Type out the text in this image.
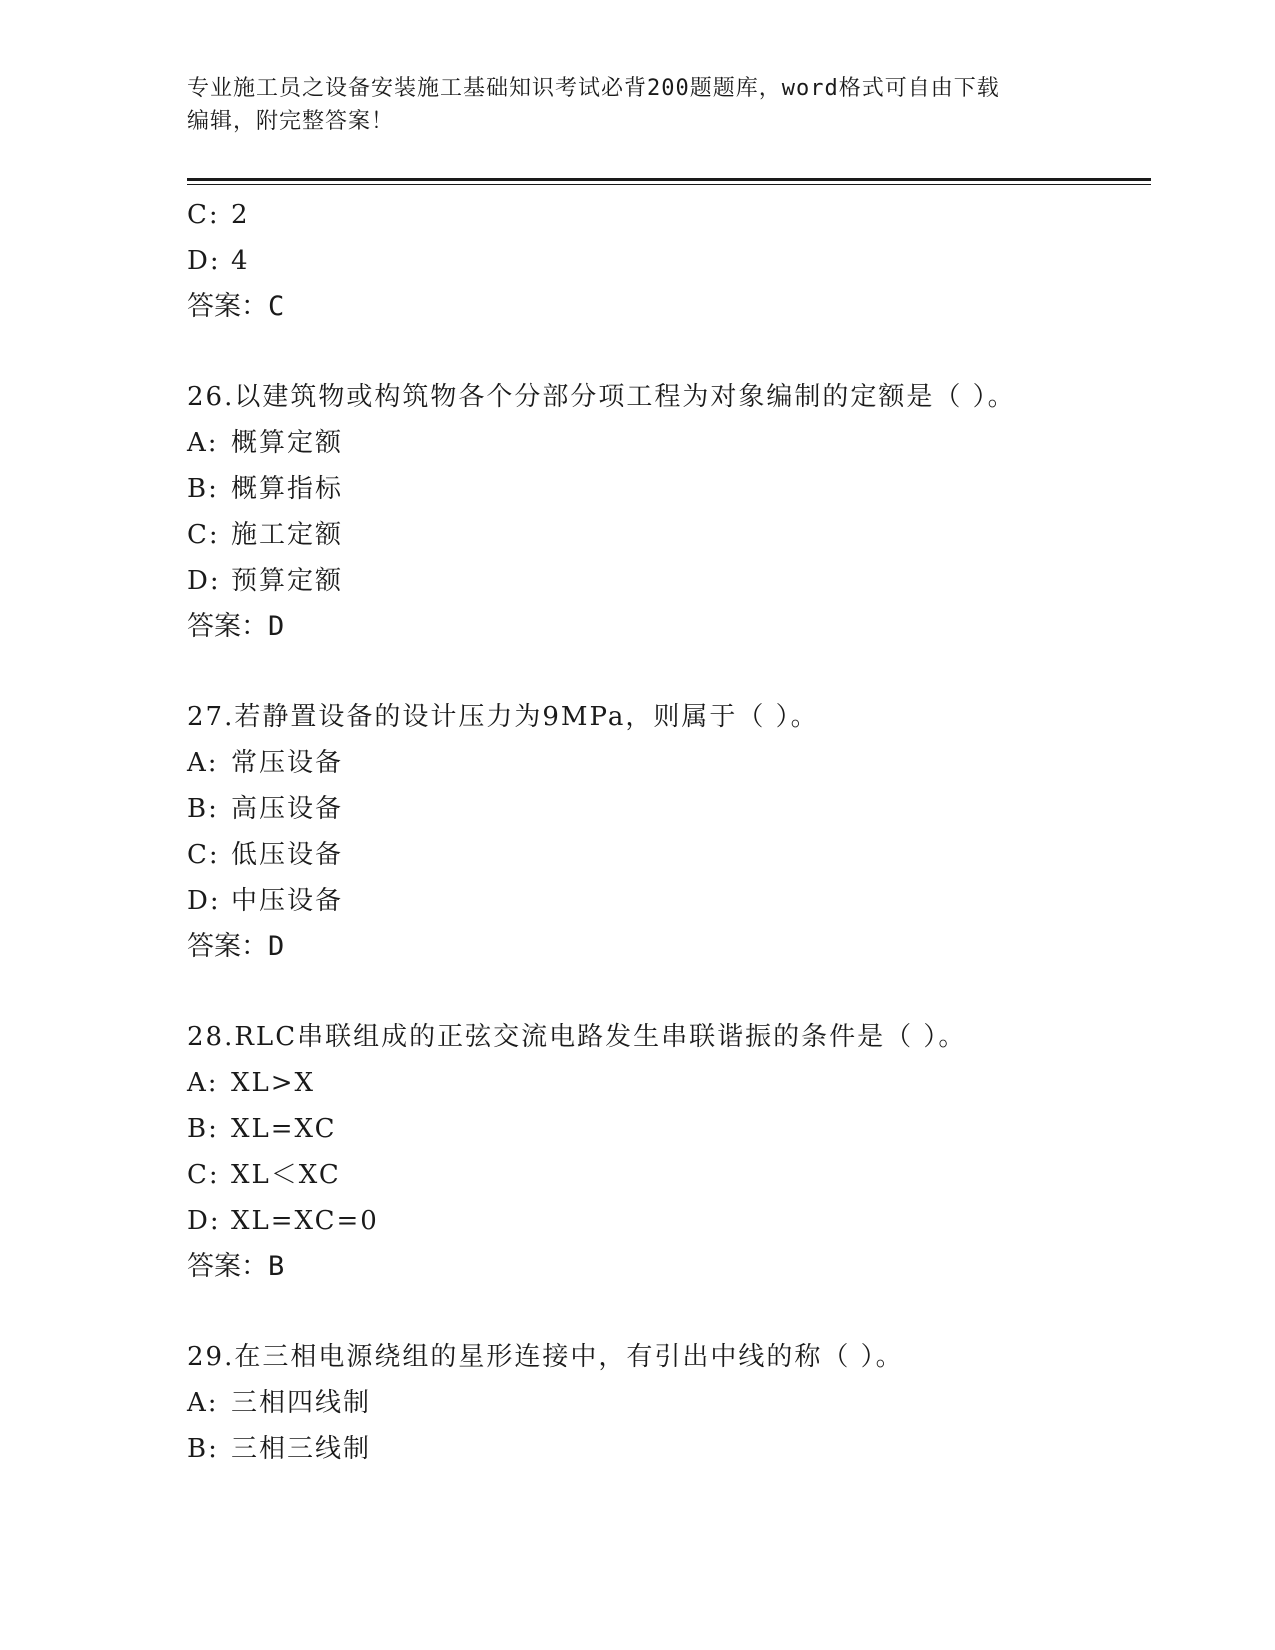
专业施工员之设备安装施工基础知识考试必背200题题库，word格式可自由下载
编辑，附完整答案！
C: 2
D: 4
答案：C
26.以建筑物或构筑物各个分部分项工程为对象编制的定额是（ ）。
A: 概算定额
B: 概算指标
C: 施工定额
D: 预算定额
答案：D
27.若静置设备的设计压力为9MPa，则属于（ ）。
A: 常压设备
B: 高压设备
C: 低压设备
D: 中压设备
答案：D
28.RLC串联组成的正弦交流电路发生串联谐振的条件是（ ）。
A: XL>X
B: XL=XC
C: XL＜XC
D: XL=XC=0
答案：B
29.在三相电源绕组的星形连接中，有引出中线的称（ ）。
A: 三相四线制
B: 三相三线制
